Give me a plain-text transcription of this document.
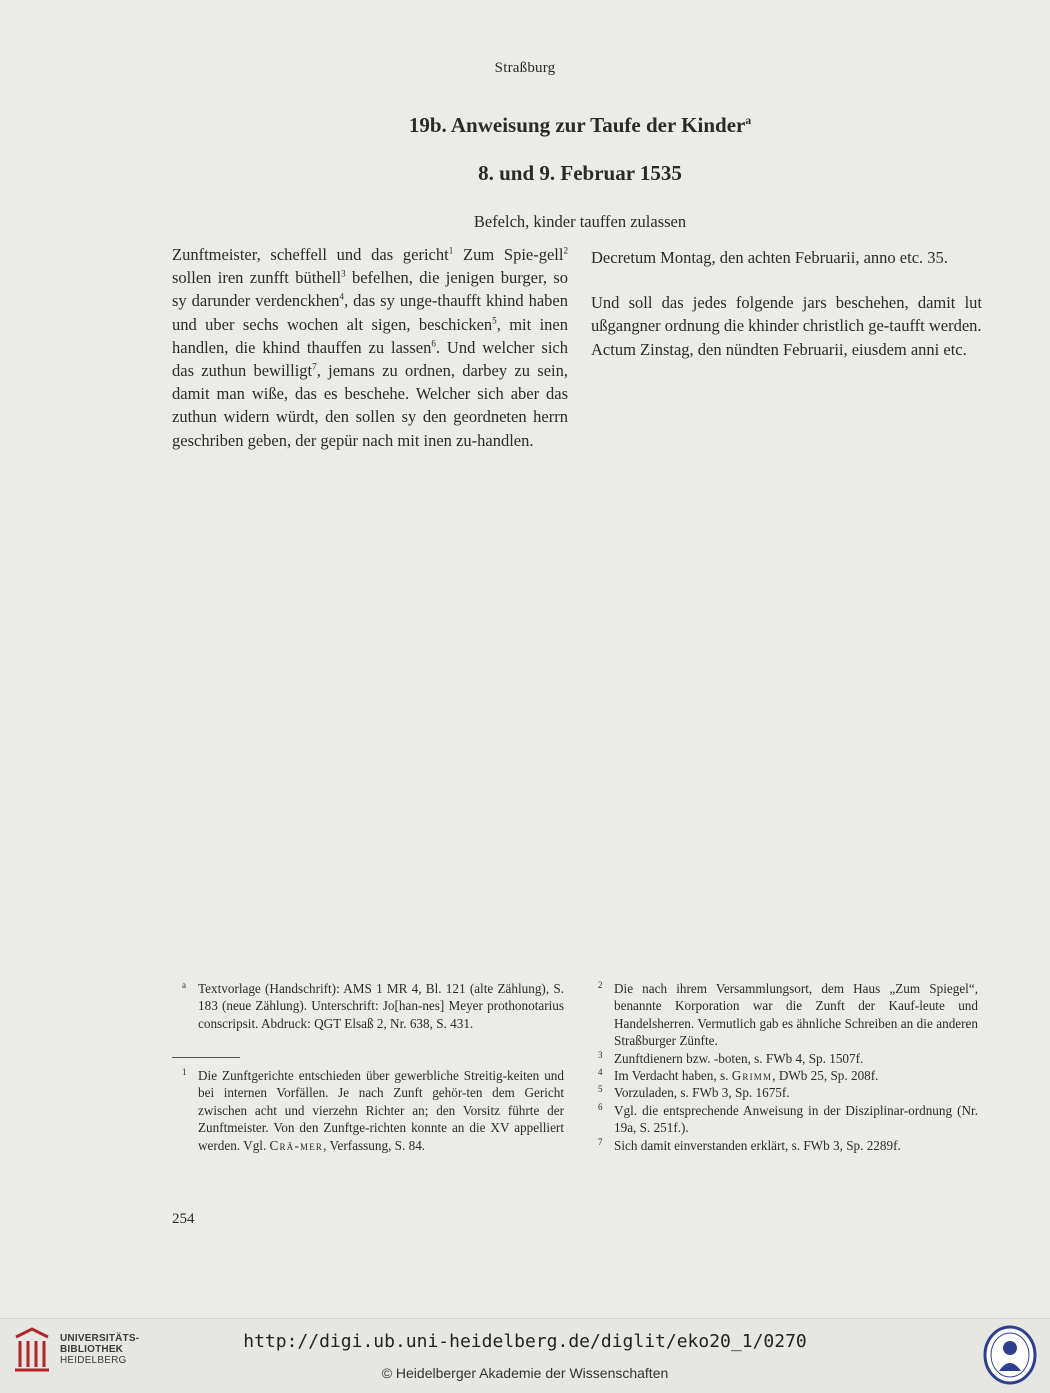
Straßburg
19b. Anweisung zur Taufe der Kinder$^a$
8. und 9. Februar 1535
Befelch, kinder tauffen zulassen
Zunftmeister, scheffell und das gericht$^1$ Zum Spie-gell$^2$ sollen iren zunfft büthell$^3$ befelhen, die jenigen burger, so sy darunder verdenckhen$^4$, das sy unge-thaufft khind haben und uber sechs wochen alt sigen, beschicken$^5$, mit inen handlen, die khind thauffen zu lassen$^6$. Und welcher sich das zuthun bewilligt$^7$, jemans zu ordnen, darbey zu sein, damit man wiße, das es beschehe. Welcher sich aber das zuthun widern würdt, den sollen sy den geordneten herrn geschriben geben, der gepür nach mit inen zu-handlen.

Decretum Montag, den achten Februarii, anno etc. 35.

Und soll das jedes folgende jars beschehen, damit lut ußgangner ordnung die khinder christlich ge-taufft werden.

Actum Zinstag, den nündten Februarii, eiusdem anni etc.

a Textvorlage (Handschrift): AMS 1 MR 4, Bl. 121 (alte Zählung), S. 183 (neue Zählung). Unterschrift: Jo[han-nes] Meyer prothonotarius conscripsit. Abdruck: QGT Elsaß 2, Nr. 638, S. 431.
1 Die Zunftgerichte entschieden über gewerbliche Streitig-keiten und bei internen Vorfällen. Je nach Zunft gehör-ten dem Gericht zwischen acht und vierzehn Richter an; den Vorsitz führte der Zunftmeister. Von den Zunftge-richten konnte an die XV appelliert werden. Vgl. Crä-mer, Verfassung, S. 84.
2 Die nach ihrem Versammlungsort, dem Haus „Zum Spiegel“, benannte Korporation war die Zunft der Kauf-leute und Handelsherren. Vermutlich gab es ähnliche Schreiben an die anderen Straßburger Zünfte.
3 Zunftdienern bzw. -boten, s. FWb 4, Sp. 1507f.
4 Im Verdacht haben, s. Grimm, DWb 25, Sp. 208f.
5 Vorzuladen, s. FWb 3, Sp. 1675f.
6 Vgl. die entsprechende Anweisung in der Disziplinar-ordnung (Nr. 19a, S. 251f.).
7 Sich damit einverstanden erklärt, s. FWb 3, Sp. 2289f.
254
UNIVERSITÄTS-
BIBLIOTHEK
HEIDELBERG
http://digi.ub.uni-heidelberg.de/diglit/eko20_1/0270
© Heidelberger Akademie der Wissenschaften
